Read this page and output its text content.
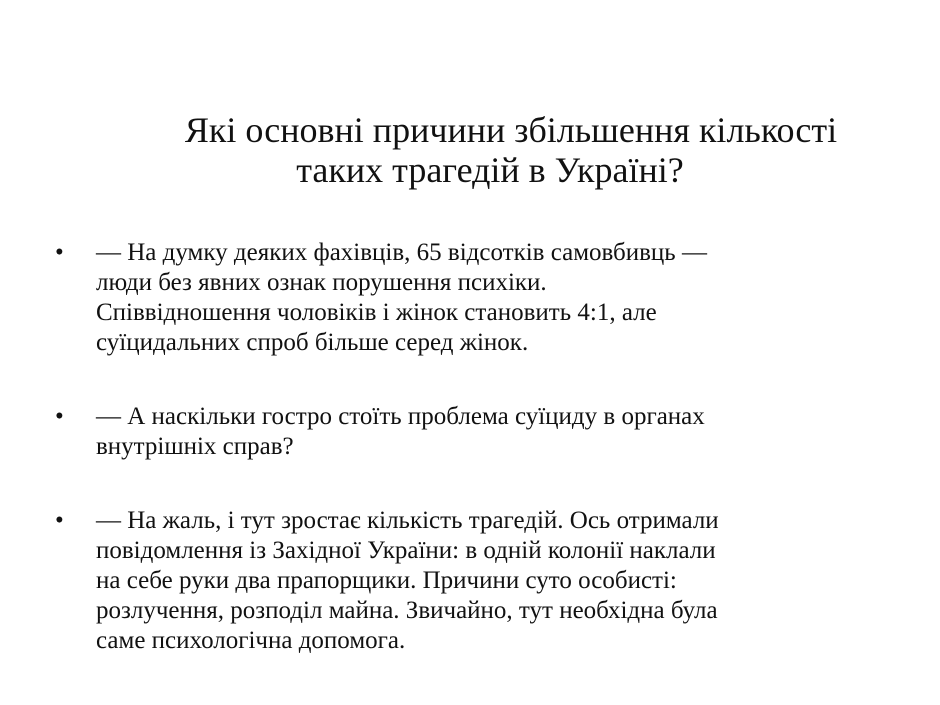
Які основні причини збільшення кількості
таких трагедій в Україні?
• — На думку деяких фахівців, 65 відсотків самовбивць —
люди без явних ознак порушення психіки.
Співвідношення чоловіків і жінок становить 4:1, але
суїцидальних спроб більше серед жінок.
• — А наскільки гостро стоїть проблема суїциду в органах
внутрішніх справ?
• — На жаль, і тут зростає кількість трагедій. Ось отримали
повідомлення із Західної України: в одній колонії наклали
на себе руки два прапорщики. Причини суто особисті:
розлучення, розподіл майна. Звичайно, тут необхідна була
саме психологічна допомога.
